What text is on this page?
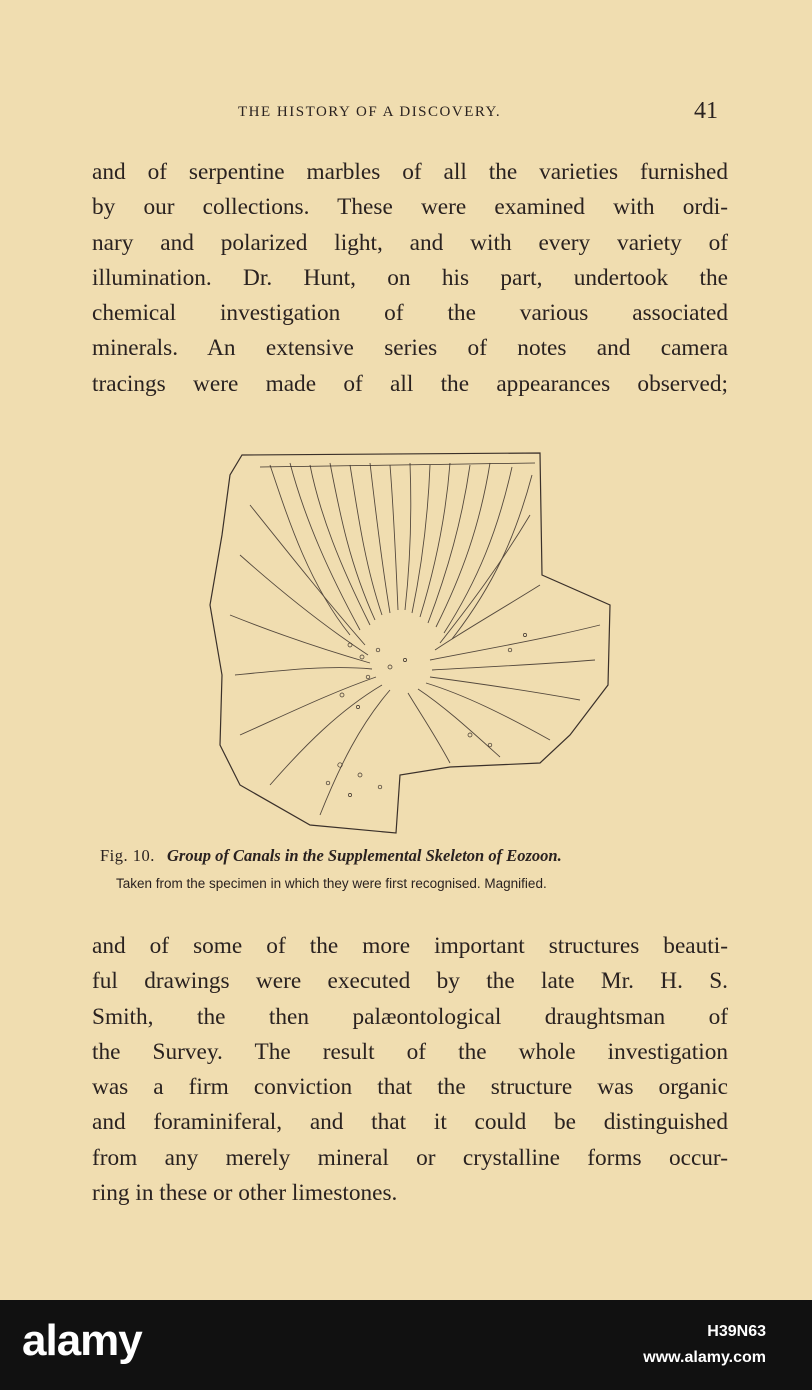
THE HISTORY OF A DISCOVERY.	41
and of serpentine marbles of all the varieties furnished
by our collections. These were examined with ordi-
nary and polarized light, and with every variety of
illumination. Dr. Hunt, on his part, undertook the
chemical investigation of the various associated
minerals. An extensive series of notes and camera
tracings were made of all the appearances observed;
Fig. 10. Group of Canals in the Supplemental Skeleton of Eozoon.
Taken from the specimen in which they were first recognised. Magnified.
and of some of the more important structures beauti-
ful drawings were executed by the late Mr. H. S.
Smith, the then palæontological draughtsman of
the Survey. The result of the whole investigation
was a firm conviction that the structure was organic
and foraminiferal, and that it could be distinguished
from any merely mineral or crystalline forms occur-
ring in these or other limestones.
alamy	H39N63
www.alamy.com
